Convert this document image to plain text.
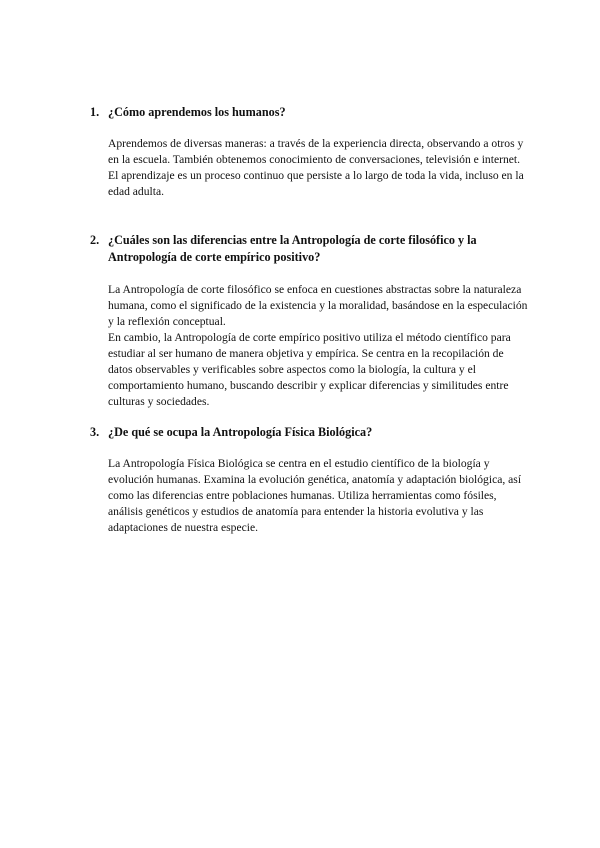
1. ¿Cómo aprendemos los humanos?

Aprendemos de diversas maneras: a través de la experiencia directa, observando a otros y en la escuela. También obtenemos conocimiento de conversaciones, televisión e internet. El aprendizaje es un proceso continuo que persiste a lo largo de toda la vida, incluso en la edad adulta.

2. ¿Cuáles son las diferencias entre la Antropología de corte filosófico y la Antropología de corte empírico positivo?

La Antropología de corte filosófico se enfoca en cuestiones abstractas sobre la naturaleza humana, como el significado de la existencia y la moralidad, basándose en la especulación y la reflexión conceptual.

En cambio, la Antropología de corte empírico positivo utiliza el método científico para estudiar al ser humano de manera objetiva y empírica. Se centra en la recopilación de datos observables y verificables sobre aspectos como la biología, la cultura y el comportamiento humano, buscando describir y explicar diferencias y similitudes entre culturas y sociedades.

3. ¿De qué se ocupa la Antropología Física Biológica?

La Antropología Física Biológica se centra en el estudio científico de la biología y evolución humanas. Examina la evolución genética, anatomía y adaptación biológica, así como las diferencias entre poblaciones humanas. Utiliza herramientas como fósiles, análisis genéticos y estudios de anatomía para entender la historia evolutiva y las adaptaciones de nuestra especie.
